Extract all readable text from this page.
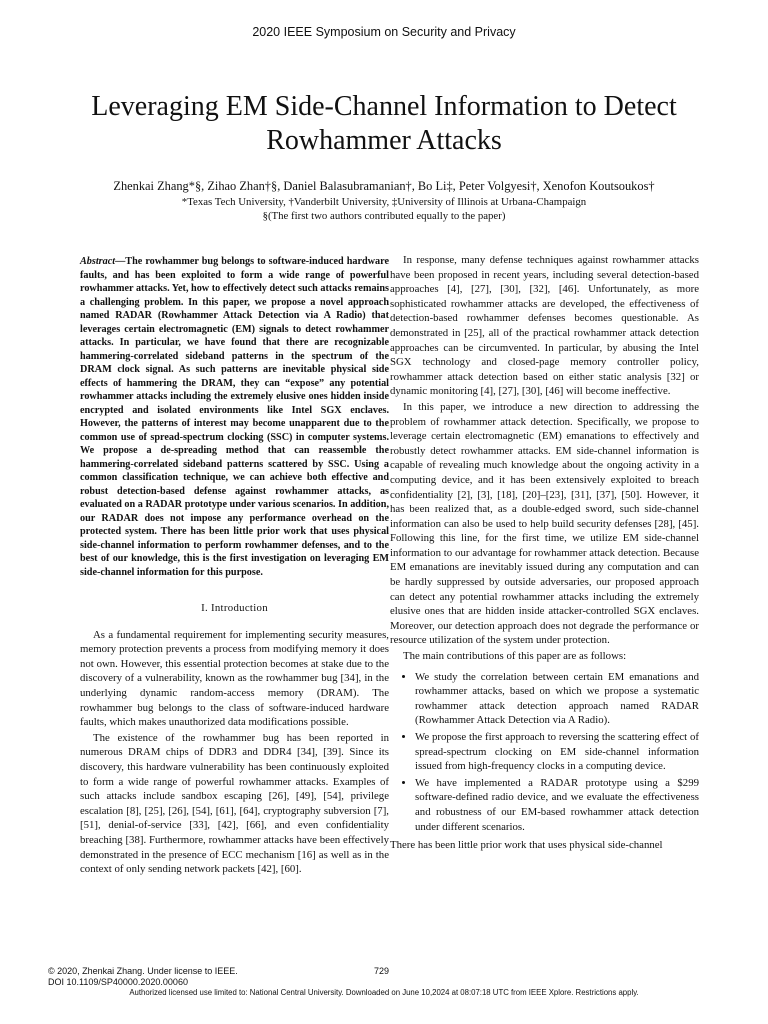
2020 IEEE Symposium on Security and Privacy
Leveraging EM Side-Channel Information to Detect Rowhammer Attacks
Zhenkai Zhang*§, Zihao Zhan†§, Daniel Balasubramanian†, Bo Li‡, Peter Volgyesi†, Xenofon Koutsoukos†
*Texas Tech University, †Vanderbilt University, ‡University of Illinois at Urbana-Champaign
§(The first two authors contributed equally to the paper)

Abstract—The rowhammer bug belongs to software-induced hardware faults, and has been exploited to form a wide range of powerful rowhammer attacks. Yet, how to effectively detect such attacks remains a challenging problem. In this paper, we propose a novel approach named RADAR (Rowhammer Attack Detection via A Radio) that leverages certain electromagnetic (EM) signals to detect rowhammer attacks. In particular, we have found that there are recognizable hammering-correlated sideband patterns in the spectrum of the DRAM clock signal. As such patterns are inevitable physical side effects of hammering the DRAM, they can “expose” any potential rowhammer attacks including the extremely elusive ones hidden inside encrypted and isolated environments like Intel SGX enclaves. However, the patterns of interest may become unapparent due to the common use of spread-spectrum clocking (SSC) in computer systems. We propose a de-spreading method that can reassemble the hammering-correlated sideband patterns scattered by SSC. Using a common classification technique, we can achieve both effective and robust detection-based defense against rowhammer attacks, as evaluated on a RADAR prototype under various scenarios. In addition, our RADAR does not impose any performance overhead on the protected system. There has been little prior work that uses physical side-channel information to perform rowhammer defenses, and to the best of our knowledge, this is the first investigation on leveraging EM side-channel information for this purpose.

I. Introduction

As a fundamental requirement for implementing security measures, memory protection prevents a process from modifying memory it does not own. However, this essential protection becomes at stake due to the discovery of a vulnerability, known as the rowhammer bug [34], in the underlying dynamic random-access memory (DRAM). The rowhammer bug belongs to the class of software-induced hardware faults, which makes unauthorized data modifications possible.

The existence of the rowhammer bug has been reported in numerous DRAM chips of DDR3 and DDR4 [34], [39]. Since its discovery, this hardware vulnerability has been continuously exploited to form a wide range of powerful rowhammer attacks. Examples of such attacks include sandbox escaping [26], [49], [54], privilege escalation [8], [25], [26], [54], [61], [64], cryptography subversion [7], [51], denial-of-service [33], [42], [66], and even confidentiality breaching [38]. Furthermore, rowhammer attacks have been effectively demonstrated in the presence of ECC mechanism [16] as well as in the context of only sending network packets [42], [60].

In response, many defense techniques against rowhammer attacks have been proposed in recent years, including several detection-based approaches [4], [27], [30], [32], [46]. Unfortunately, as more sophisticated rowhammer attacks are developed, the effectiveness of detection-based rowhammer defenses becomes questionable. As demonstrated in [25], all of the practical rowhammer attack detection approaches can be circumvented. In particular, by abusing the Intel SGX technology and closed-page memory controller policy, rowhammer attack detection based on either static analysis [32] or dynamic monitoring [4], [27], [30], [46] will become ineffective.

In this paper, we introduce a new direction to addressing the problem of rowhammer attack detection. Specifically, we propose to leverage certain electromagnetic (EM) emanations to effectively and robustly detect rowhammer attacks. EM side-channel information is capable of revealing much knowledge about the ongoing activity in a computing device, and it has been extensively exploited to breach confidentiality [2], [3], [18], [20]–[23], [31], [37], [50]. However, it has been realized that, as a double-edged sword, such side-channel information can also be used to help build security defenses [28], [45]. Following this line, for the first time, we utilize EM side-channel information to our advantage for rowhammer attack detection. Because EM emanations are inevitably issued during any computation and can be hardly suppressed by outside adversaries, our proposed approach can detect any potential rowhammer attacks including the extremely elusive ones that are hidden inside attacker-controlled SGX enclaves. Moreover, our detection approach does not degrade the performance or resource utilization of the system under protection.

The main contributions of this paper are as follows:

• We study the correlation between certain EM emanations and rowhammer attacks, based on which we propose a systematic rowhammer attack detection approach named RADAR (Rowhammer Attack Detection via A Radio).
• We propose the first approach to reversing the scattering effect of spread-spectrum clocking on EM side-channel information issued from high-frequency clocks in a computing device.
• We have implemented a RADAR prototype using a $299 software-defined radio device, and we evaluate the effectiveness and robustness of our EM-based rowhammer attack detection under different scenarios.

There has been little prior work that uses physical side-channel

© 2020, Zhenkai Zhang. Under license to IEEE.
DOI 10.1109/SP40000.2020.00060
729
Authorized licensed use limited to: National Central University. Downloaded on June 10,2024 at 08:07:18 UTC from IEEE Xplore. Restrictions apply.
